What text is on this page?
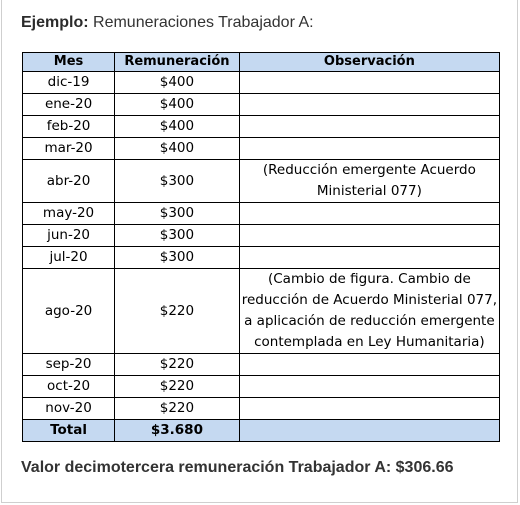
Ejemplo: Remuneraciones Trabajador A:
Mes	Remuneración	Observación
dic-19	$400	
ene-20	$400	
feb-20	$400	
mar-20	$400	
abr-20	$300	(Reducción emergente Acuerdo
Ministerial 077)

may-20	$300	
jun-20	$300	
jul-20	$300	
ago-20	$220	(Cambio de figura. Cambio de
reducción de Acuerdo Ministerial 077,
a aplicación de reducción emergente
contemplada en Ley Humanitaria)

sep-20	$220	
oct-20	$220	
nov-20	$220	
Total	$3.680	
Valor decimotercera remuneración Trabajador A: $306.66
